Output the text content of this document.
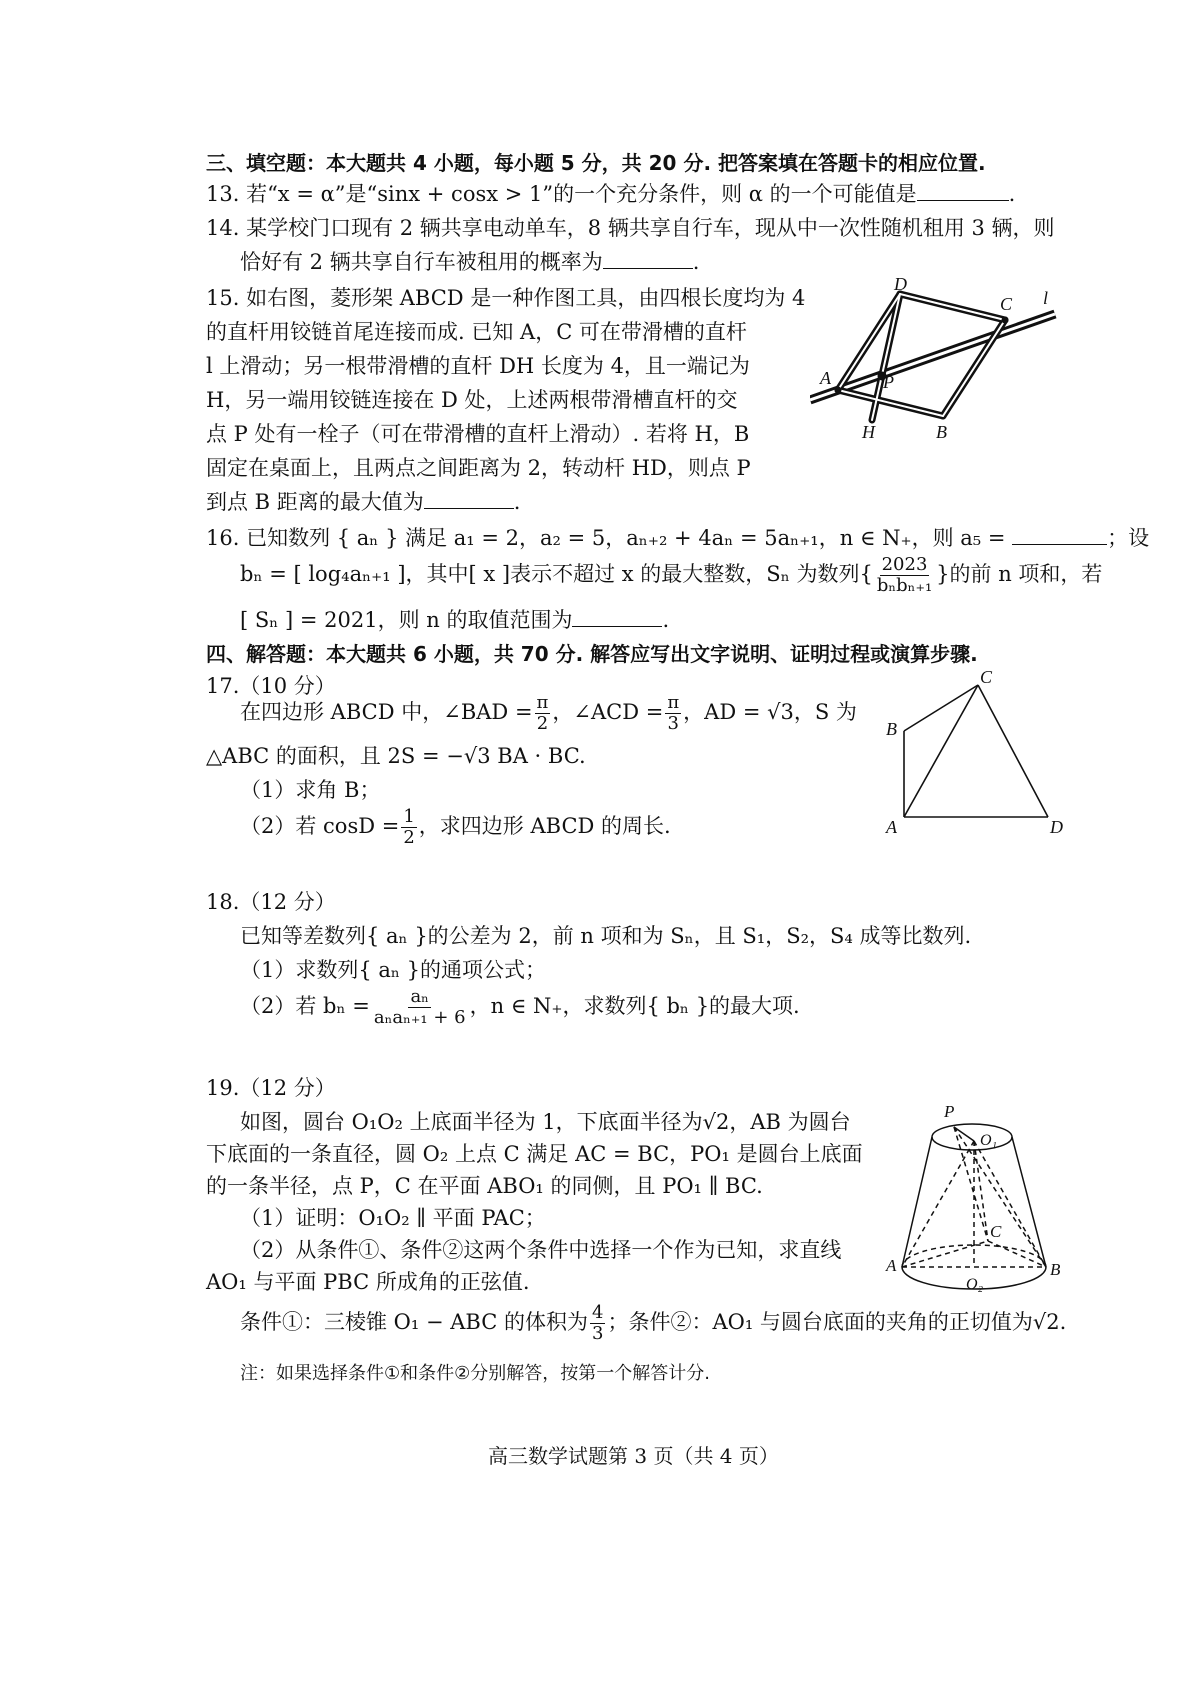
三、填空题：本大题共 4 小题，每小题 5 分，共 20 分. 把答案填在答题卡的相应位置.
13. 若“x = α”是“sinx + cosx > 1”的一个充分条件，则 α 的一个可能值是	.
14. 某学校门口现有 2 辆共享电动单车，8 辆共享自行车，现从中一次性随机租用 3 辆，则
恰好有 2 辆共享自行车被租用的概率为	.
15. 如右图，菱形架 ABCD 是一种作图工具，由四根长度均为 4
的直杆用铰链首尾连接而成. 已知 A，C 可在带滑槽的直杆
l 上滑动；另一根带滑槽的直杆 DH 长度为 4，且一端记为
H，另一端用铰链连接在 D 处，上述两根带滑槽直杆的交
点 P 处有一栓子（可在带滑槽的直杆上滑动）. 若将 H，B
固定在桌面上，且两点之间距离为 2，转动杆 HD，则点 P
到点 B 距离的最大值为	.
D
C l
A	P
H	B
16. 已知数列 { aₙ } 满足 a₁ = 2，a₂ = 5，aₙ₊₂ + 4aₙ = 5aₙ₊₁，n ∈ N₊，则 a₅ =	；设
bₙ = [ log₄aₙ₊₁ ]，其中[ x ]表示不超过 x 的最大整数，Sₙ 为数列{ $\frac{2023}{\text{bₙbₙ₊₁}}$ }的前 n 项和，若
[ Sₙ ] = 2021，则 n 的取值范围为	.
四、解答题：本大题共 6 小题，共 70 分. 解答应写出文字说明、证明过程或演算步骤.
17.（10 分）
在四边形 ABCD 中，∠BAD = $\frac{\pi}{2}$ ，∠ACD = $\frac{\pi}{3}$ ，AD = √3，S 为
△ABC 的面积，且 2S = −√3 BA · BC.
（1）求角 B；
（2）若 $\cos D = \frac{1}{2}$ ，求四边形 ABCD 的周长.
C
B
A	D
18.（12 分）
已知等差数列{ aₙ }的公差为 2，前 n 项和为 Sₙ，且 S₁，S₂，S₄ 成等比数列.
（1）求数列{ aₙ }的通项公式；
（2）若 $b_n = \frac{\text{aₙ}}{\text{aₙaₙ₊₁ + 6}}$ ，n ∈ N₊，求数列{ bₙ }的最大项.
19.（12 分）
如图，圆台 O₁O₂ 上底面半径为 1，下底面半径为√2，AB 为圆台
下底面的一条直径，圆 O₂ 上点 C 满足 AC = BC，PO₁ 是圆台上底面
的一条半径，点 P，C 在平面 ABO₁ 的同侧，且 PO₁ ∥ BC.
（1）证明：O₁O₂ ∥ 平面 PAC；
（2）从条件①、条件②这两个条件中选择一个作为已知，求直线
AO₁ 与平面 PBC 所成角的正弦值.
条件①：三棱锥 O₁ − ABC 的体积为 $\frac{4}{3}$ ；条件②：AO₁ 与圆台底面的夹角的正切值为√2.
注：如果选择条件①和条件②分别解答，按第一个解答计分.
P
O₁
C
A	B
O₂
高三数学试题第 3 页（共 4 页）
